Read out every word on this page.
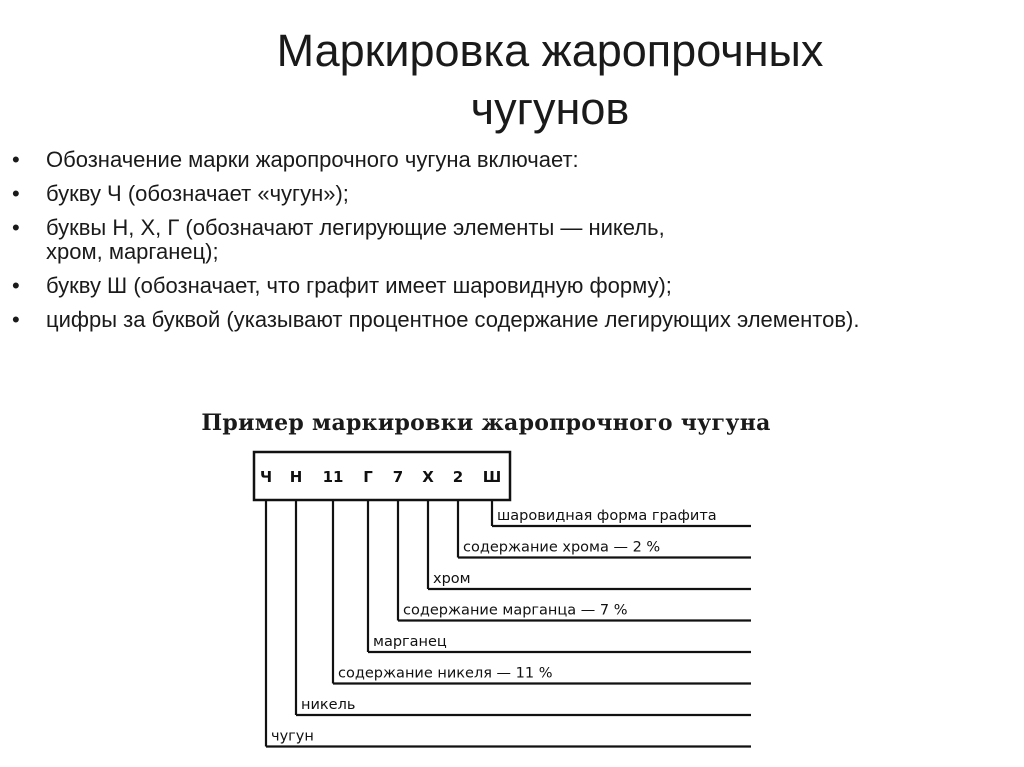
Маркировка жаропрочных
чугунов
• Обозначение марки жаропрочного чугуна включает:
• букву Ч (обозначает «чугун»);
• буквы Н, Х, Г (обозначают легирующие элементы — никель, хром, марганец);
• букву Ш (обозначает, что графит имеет шаровидную форму);
• цифры за буквой (указывают процентное содержание легирующих элементов).
Пример маркировки жаропрочного чугуна
Ч Н 11 Г 7 Х 2 Ш
шаровидная форма графита
содержание хрома — 2 %
хром
содержание марганца — 7 %
марганец
содержание никеля — 11 %
никель
чугун
